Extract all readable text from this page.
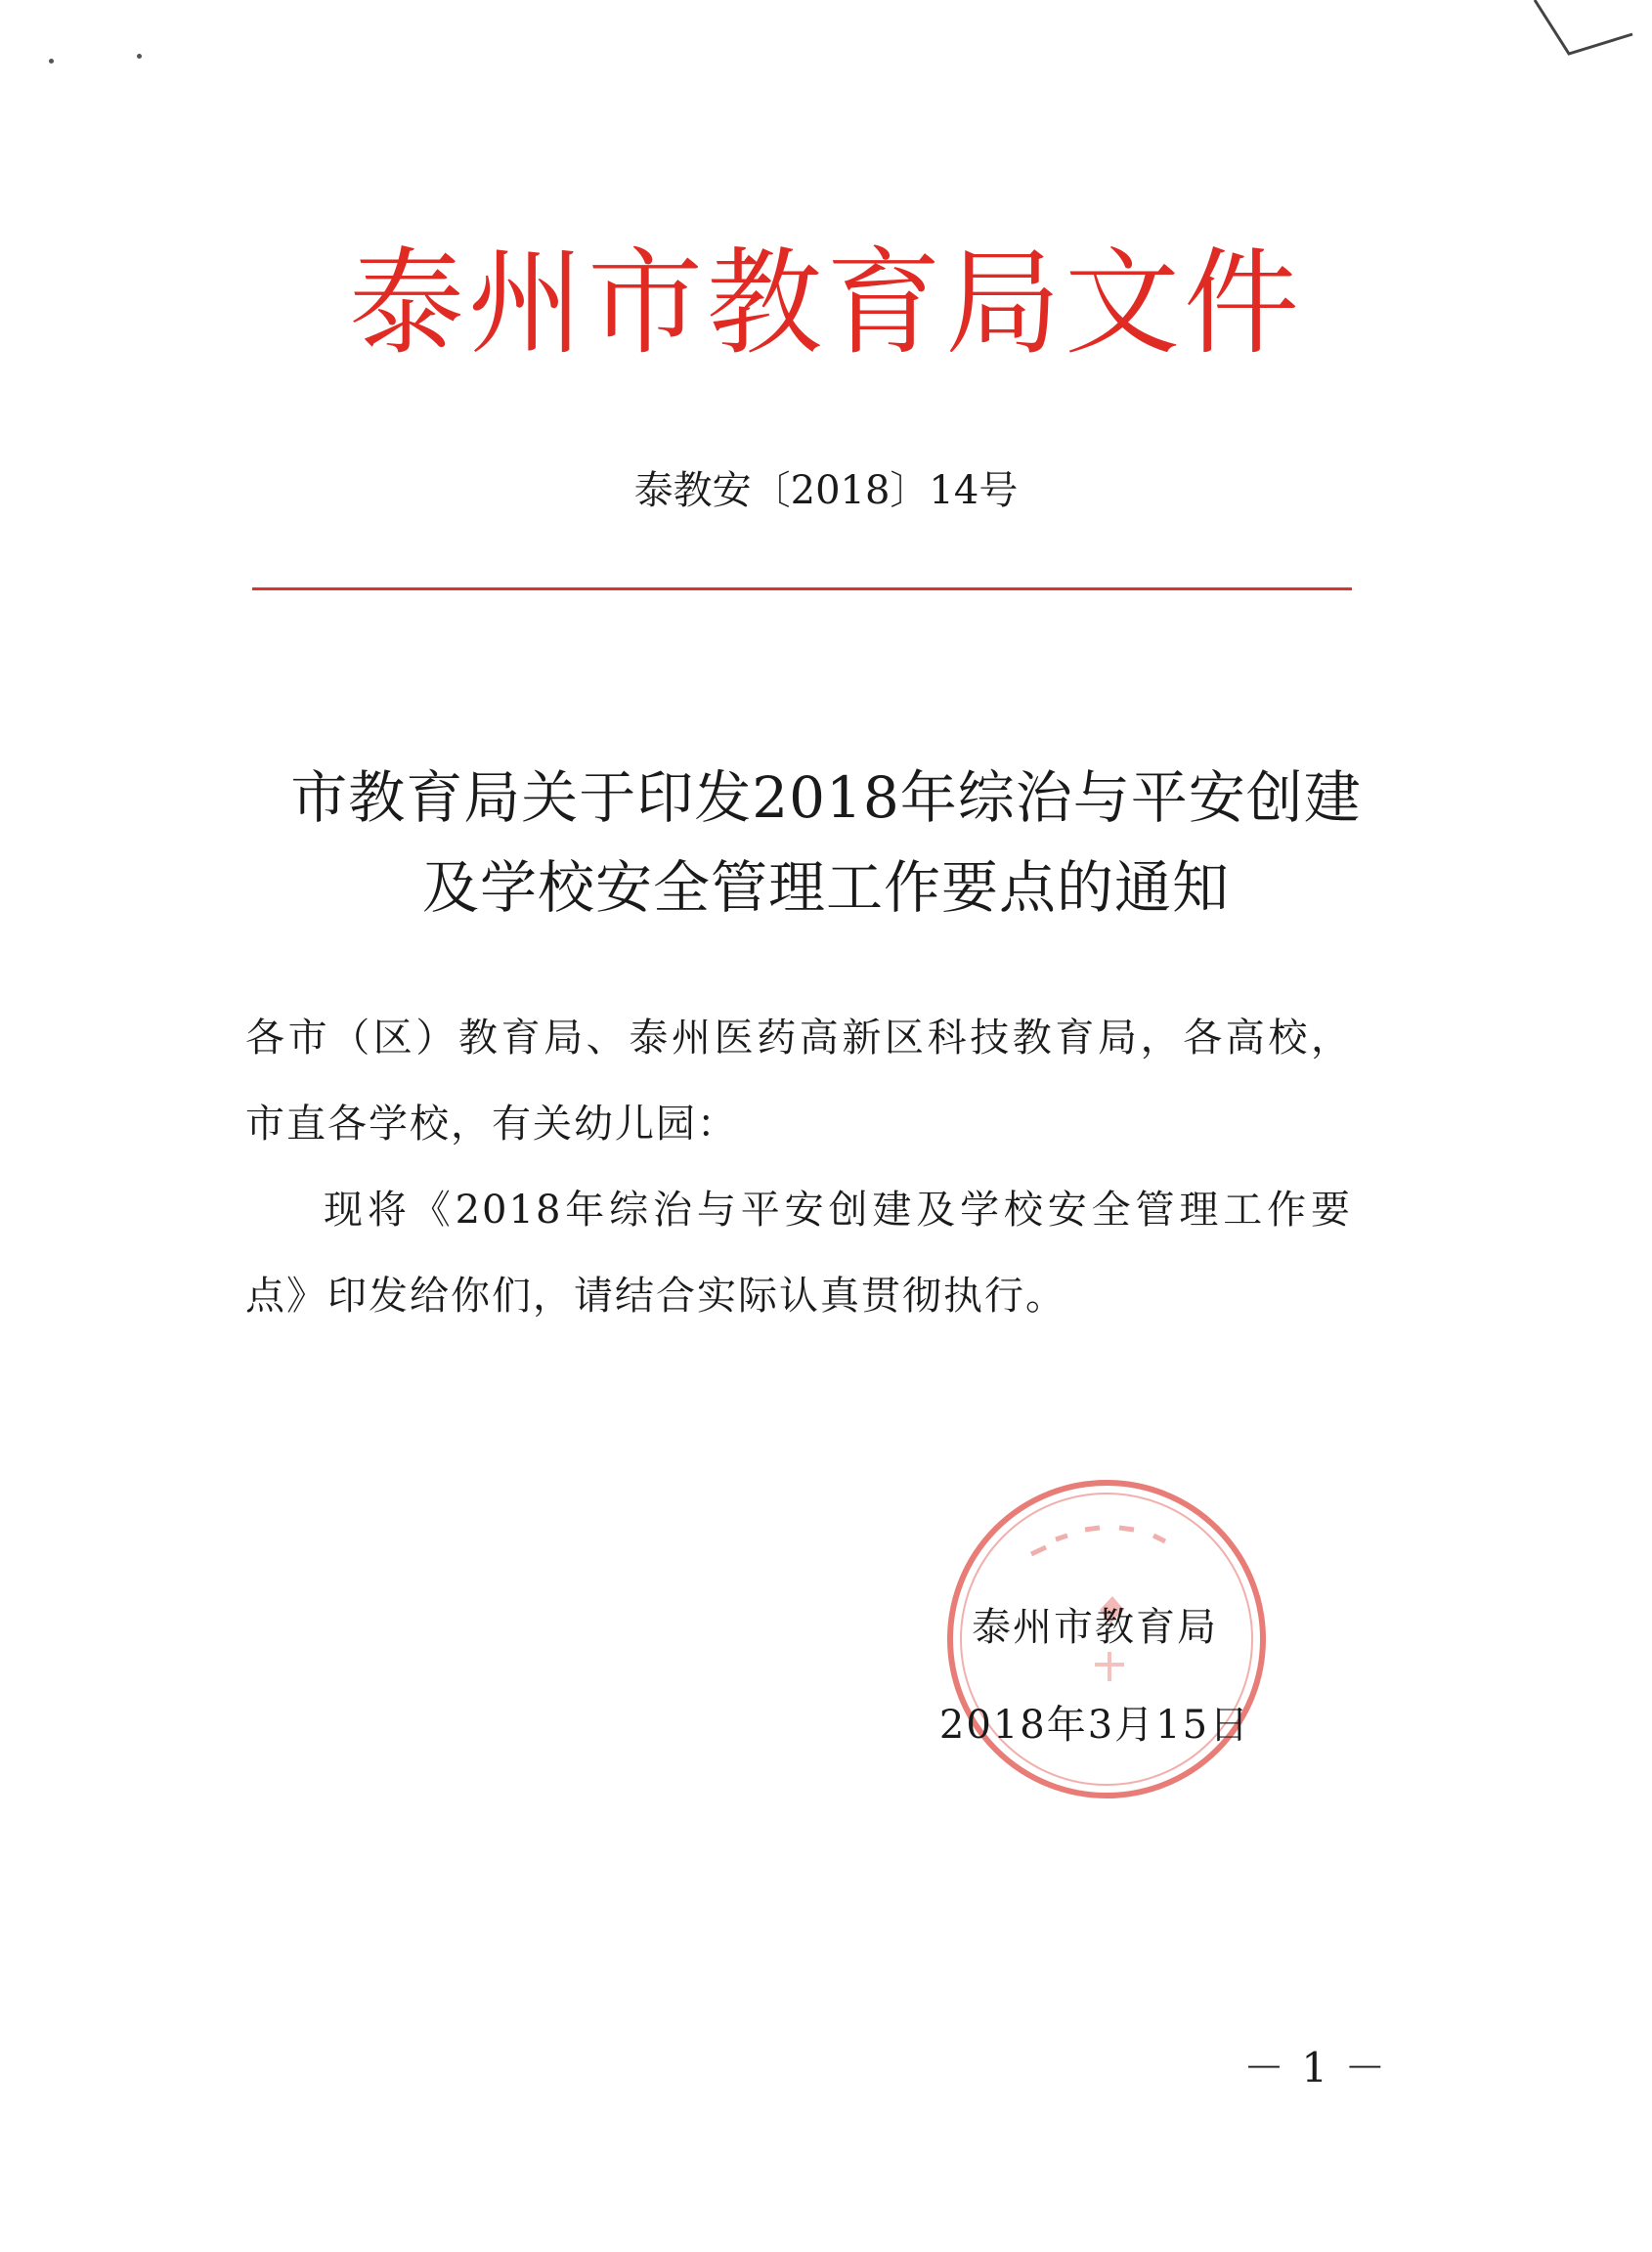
泰州市教育局文件
泰教安〔2018〕14号
市教育局关于印发2018年综治与平安创建
及学校安全管理工作要点的通知

各市（区）教育局、泰州医药高新区科技教育局，各高校，市直各学校，有关幼儿园：

现将《2018年综治与平安创建及学校安全管理工作要点》印发给你们，请结合实际认真贯彻执行。

泰州市教育局
2018年3月15日
－ 1 －
